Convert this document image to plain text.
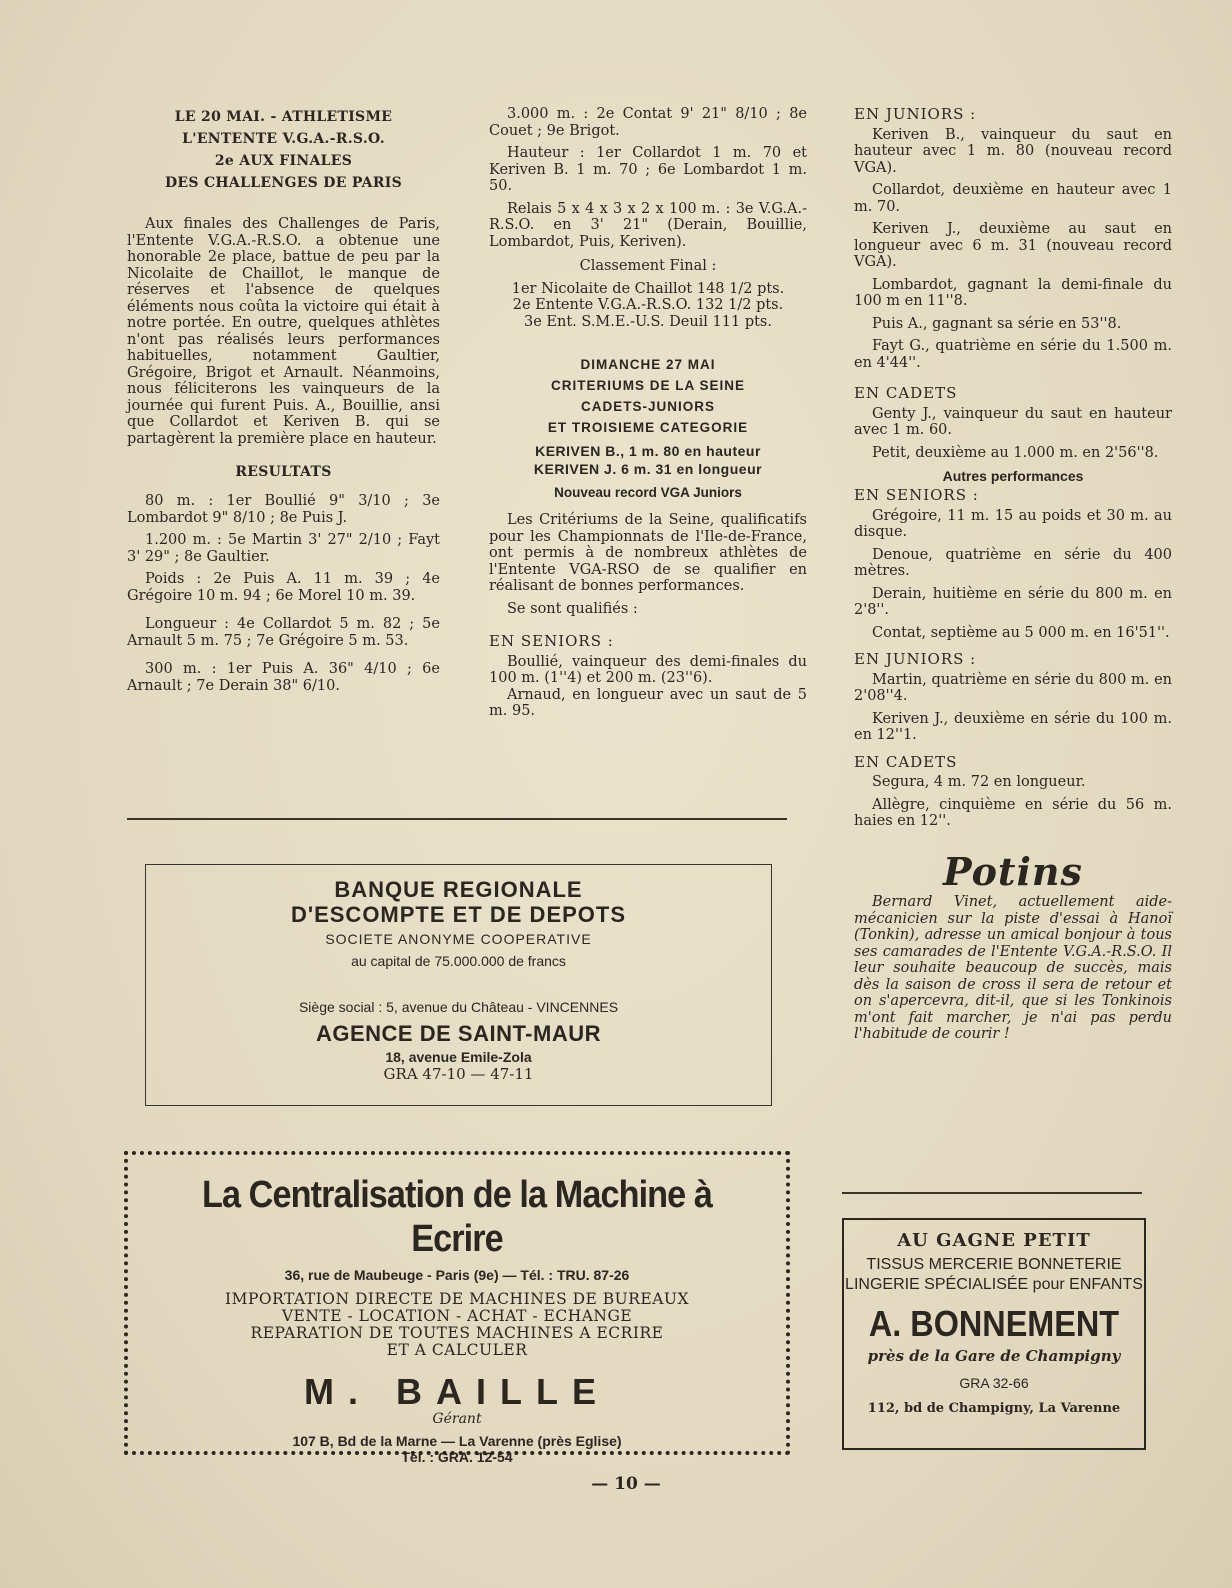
LE 20 MAI. - ATHLETISME
L'ENTENTE V.G.A.-R.S.O.
2e AUX FINALES
DES CHALLENGES DE PARIS

Aux finales des Challenges de Paris, l'Entente V.G.A.-R.S.O. a obtenue une honorable 2e place, battue de peu par la Nicolaite de Chaillot, le manque de réserves et l'absence de quelques éléments nous coûta la victoire qui était à notre portée. En outre, quelques athlètes n'ont pas réalisés leurs performances habituelles, notamment Gaultier, Grégoire, Brigot et Arnault. Néanmoins, nous féliciterons les vainqueurs de la journée qui furent Puis. A., Bouillie, ansi que Collardot et Keriven B. qui se partagèrent la première place en hauteur.

RESULTATS

80 m. : 1er Boullié 9" 3/10 ; 3e Lombardot 9" 8/10 ; 8e Puis J.

1.200 m. : 5e Martin 3' 27" 2/10 ; Fayt 3' 29" ; 8e Gaultier.

Poids : 2e Puis A. 11 m. 39 ; 4e Grégoire 10 m. 94 ; 6e Morel 10 m. 39.

Longueur : 4e Collardot 5 m. 82 ; 5e Arnault 5 m. 75 ; 7e Grégoire 5 m. 53.

300 m. : 1er Puis A. 36" 4/10 ; 6e Arnault ; 7e Derain 38" 6/10.

3.000 m. : 2e Contat 9' 21" 8/10 ; 8e Couet ; 9e Brigot.

Hauteur : 1er Collardot 1 m. 70 et Keriven B. 1 m. 70 ; 6e Lombardot 1 m. 50.

Relais 5 x 4 x 3 x 2 x 100 m. : 3e V.G.A.-R.S.O. en 3' 21" (Derain, Bouillie, Lombardot, Puis, Keriven).

Classement Final :
1er Nicolaite de Chaillot 148 1/2 pts.
2e Entente V.G.A.-R.S.O. 132 1/2 pts.
3e Ent. S.M.E.-U.S. Deuil 111 pts.
DIMANCHE 27 MAI
CRITERIUMS DE LA SEINE
CADETS-JUNIORS
ET TROISIEME CATEGORIE
KERIVEN B., 1 m. 80 en hauteur
KERIVEN J. 6 m. 31 en longueur
Nouveau record VGA Juniors

Les Critériums de la Seine, qualificatifs pour les Championnats de l'Ile-de-France, ont permis à de nombreux athlètes de l'Entente VGA-RSO de se qualifier en réalisant de bonnes performances.

Se sont qualifiés :

EN SENIORS :

Boullié, vainqueur des demi-finales du 100 m. (1''4) et 200 m. (23''6).

Arnaud, en longueur avec un saut de 5 m. 95.

EN JUNIORS :

Keriven B., vainqueur du saut en hauteur avec 1 m. 80 (nouveau record VGA).

Collardot, deuxième en hauteur avec 1 m. 70.

Keriven J., deuxième au saut en longueur avec 6 m. 31 (nouveau record VGA).

Lombardot, gagnant la demi-finale du 100 m en 11''8.

Puis A., gagnant sa série en 53''8.

Fayt G., quatrième en série du 1.500 m. en 4'44''.

EN CADETS

Genty J., vainqueur du saut en hauteur avec 1 m. 60.

Petit, deuxième au 1.000 m. en 2'56''8.

Autres performances
EN SENIORS :

Grégoire, 11 m. 15 au poids et 30 m. au disque.

Denoue, quatrième en série du 400 mètres.

Derain, huitième en série du 800 m. en 2'8''.

Contat, septième au 5 000 m. en 16'51''.

EN JUNIORS :

Martin, quatrième en série du 800 m. en 2'08''4.

Keriven J., deuxième en série du 100 m. en 12''1.

EN CADETS

Segura, 4 m. 72 en longueur.

Allègre, cinquième en série du 56 m. haies en 12''.

Potins

Bernard Vinet, actuellement aide-mécanicien sur la piste d'essai à Hanoï (Tonkin), adresse un amical bonjour à tous ses camarades de l'Entente V.G.A.-R.S.O. Il leur souhaite beaucoup de succès, mais dès la saison de cross il sera de retour et on s'apercevra, dit-il, que si les Tonkinois m'ont fait marcher, je n'ai pas perdu l'habitude de courir !

BANQUE REGIONALE
D'ESCOMPTE ET DE DEPOTS
SOCIETE ANONYME COOPERATIVE
au capital de 75.000.000 de francs
Siège social : 5, avenue du Château - VINCENNES
AGENCE DE SAINT-MAUR
18, avenue Emile-Zola
GRA 47-10 — 47-11
La Centralisation de la Machine à Ecrire
36, rue de Maubeuge - Paris (9e) — Tél. : TRU. 87-26
IMPORTATION DIRECTE DE MACHINES DE BUREAUX
VENTE - LOCATION - ACHAT - ECHANGE
REPARATION DE TOUTES MACHINES A ECRIRE
ET A CALCULER
M. BAILLE
Gérant
107 B, Bd de la Marne — La Varenne (près Eglise)
Tél. : GRA. 12-54
AU GAGNE PETIT
TISSUS MERCERIE BONNETERIE
LINGERIE SPÉCIALISÉE pour ENFANTS
A. BONNEMENT
près de la Gare de Champigny
GRA 32-66
112, bd de Champigny, La Varenne
— 10 —
